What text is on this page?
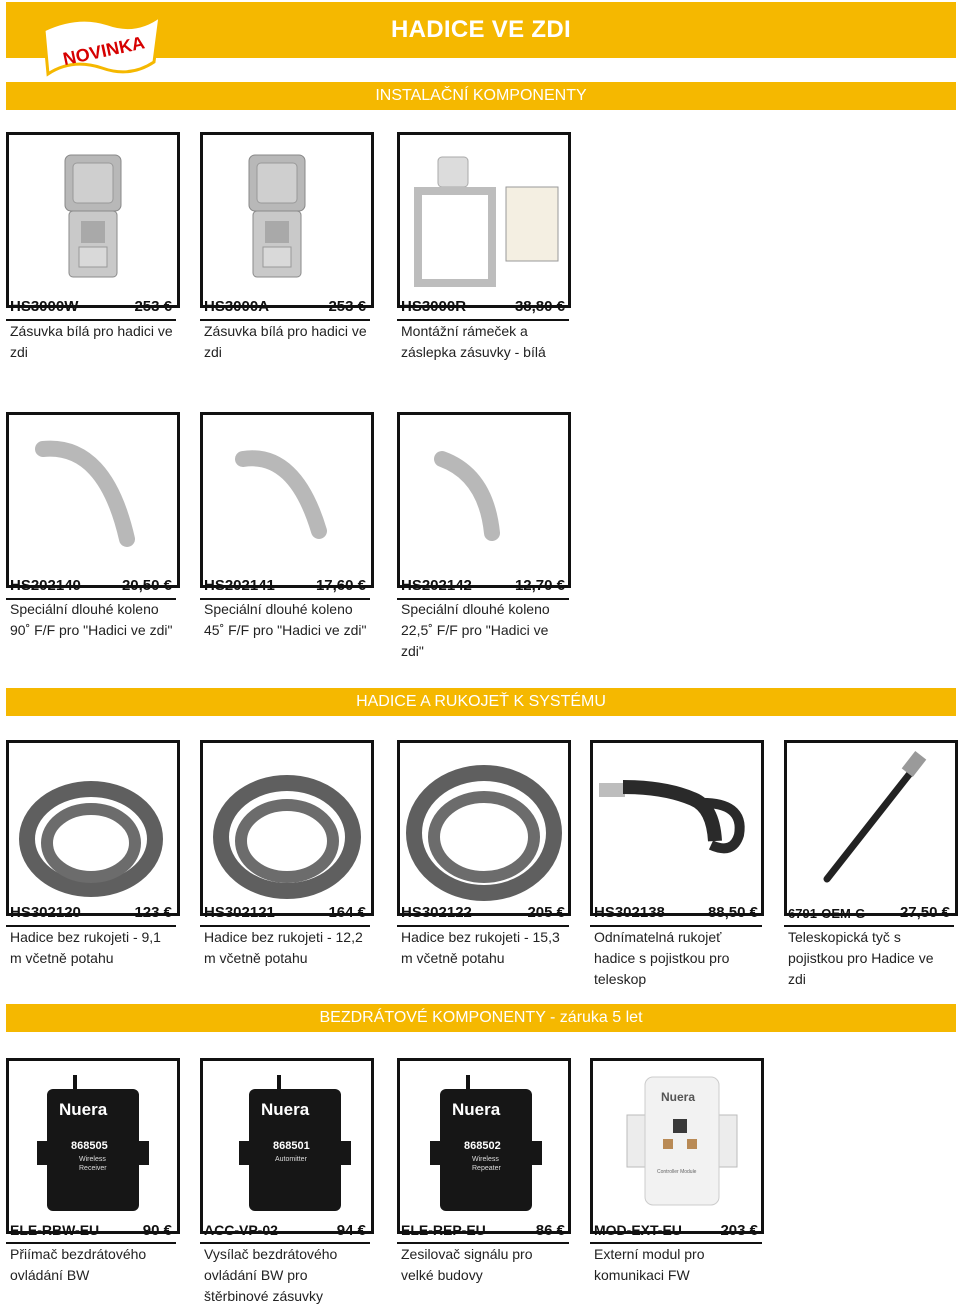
HADICE VE ZDI
NOVINKA
INSTALAČNÍ KOMPONENTY
HADICE A RUKOJEŤ K SYSTÉMU
BEZDRÁTOVÉ KOMPONENTY - záruka 5 let
Nuera
868505
Wireless
Receiver
Nuera
868501
Automitter
Nuera
868502
Wireless
Repeater
Nuera
Controller Module
HS3000W	253 €
Zásuvka bílá pro hadici ve
zdi
HS3000A	253 €
Zásuvka bílá pro hadici ve
zdi
HS3000R	38,80 €
Montážní rámeček a
záslepka zásuvky - bílá
HS202140	20,50 €
Speciální dlouhé koleno
90˚ F/F pro "Hadici ve zdi"
HS202141	17,60 €
Speciální dlouhé koleno
45˚ F/F pro "Hadici ve zdi"
HS202142	12,70 €
Speciální dlouhé koleno
22,5˚ F/F pro "Hadici ve
zdi"
HS302120	123 €
Hadice bez rukojeti - 9,1
m včetně potahu
HS302121	164 €
Hadice bez rukojeti - 12,2
m včetně potahu
HS302122	205 €
Hadice bez rukojeti - 15,3
m včetně potahu
HS302138	88,50 €
Odnímatelná rukojeť
hadice s pojistkou pro
teleskop
6791-OEM-G 27,50 €
Teleskopická tyč s
pojistkou pro Hadice ve
zdi
ELE-RBW-EU	90 €
Přiímač bezdrátového
ovládání BW
ACC-VP-02	94 €
Vysílač bezdrátového
ovládání BW pro
štěrbinové zásuvky
ELE-REP-EU	86 €
Zesilovač signálu pro
velké budovy
MOD-EXT-EU	203 €
Externí modul pro
komunikaci FW
